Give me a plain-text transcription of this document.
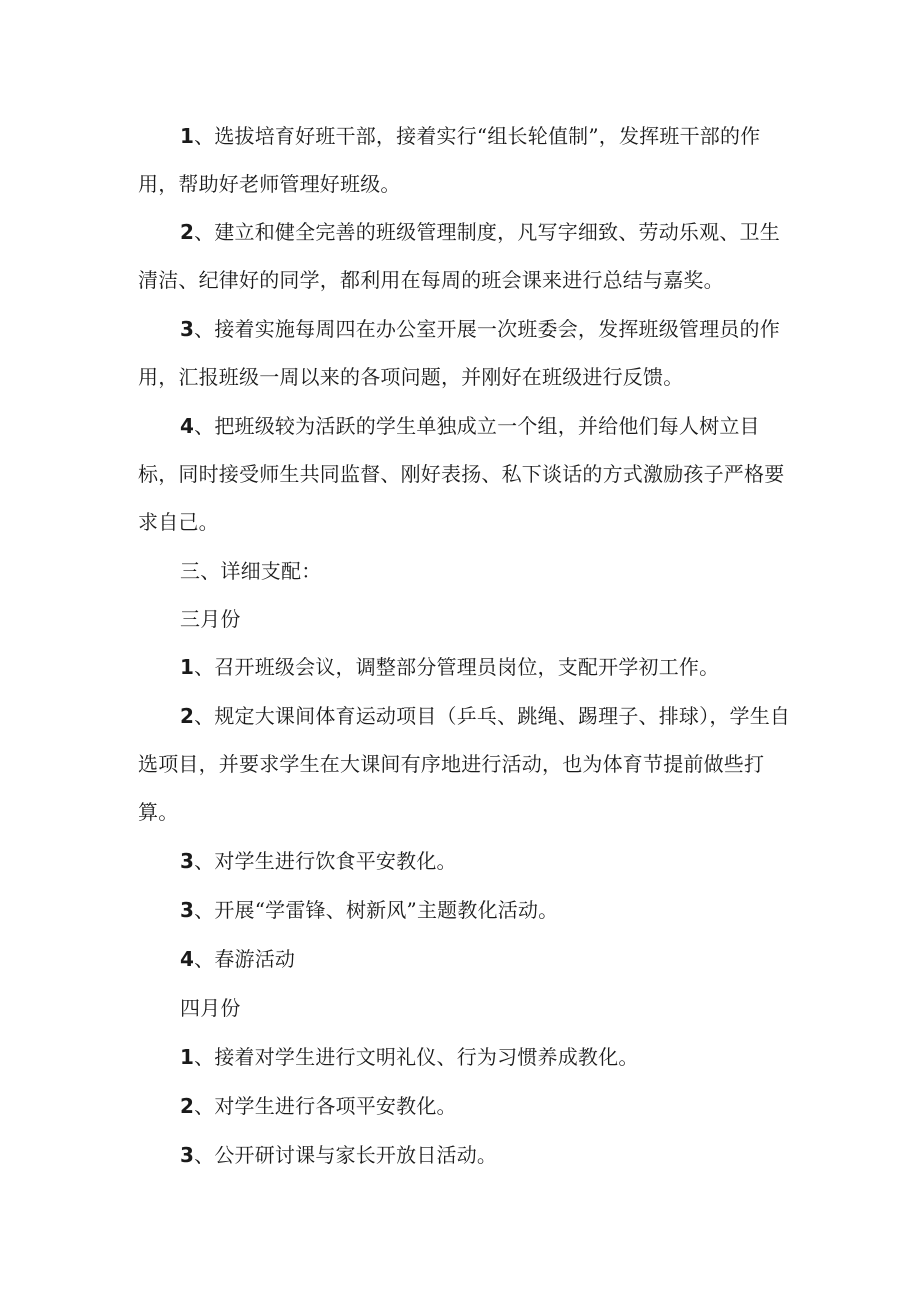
1、选拔培育好班干部，接着实行“组长轮值制”，发挥班干部的作用，帮助好老师管理好班级。

2、建立和健全完善的班级管理制度，凡写字细致、劳动乐观、卫生清洁、纪律好的同学，都利用在每周的班会课来进行总结与嘉奖。

3、接着实施每周四在办公室开展一次班委会，发挥班级管理员的作用，汇报班级一周以来的各项问题，并刚好在班级进行反馈。

4、把班级较为活跃的学生单独成立一个组，并给他们每人树立目标，同时接受师生共同监督、刚好表扬、私下谈话的方式激励孩子严格要求自己。

三、详细支配：

三月份

1、召开班级会议，调整部分管理员岗位，支配开学初工作。

2、规定大课间体育运动项目（乒乓、跳绳、踢理子、排球），学生自选项目，并要求学生在大课间有序地进行活动，也为体育节提前做些打算。

3、对学生进行饮食平安教化。

3、开展“学雷锋、树新风”主题教化活动。

4、春游活动

四月份

1、接着对学生进行文明礼仪、行为习惯养成教化。

2、对学生进行各项平安教化。

3、公开研讨课与家长开放日活动。
